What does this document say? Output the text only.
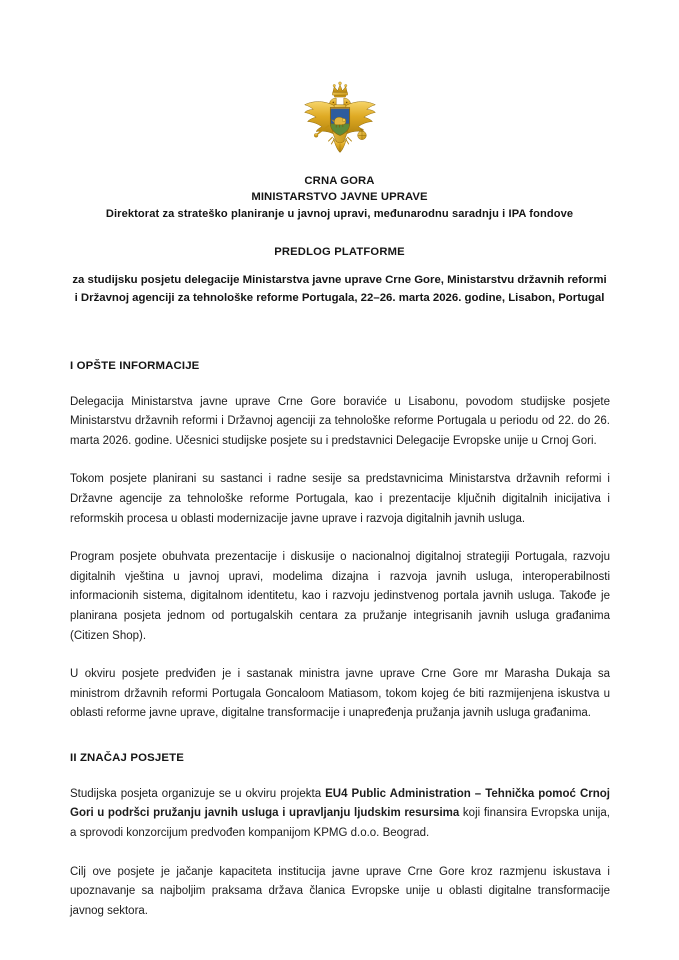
CRNA GORA
MINISTARSTVO JAVNE UPRAVE
Direktorat za strateško planiranje u javnoj upravi, međunarodnu saradnju i IPA fondove
PREDLOG PLATFORME
za studijsku posjetu delegacije Ministarstva javne uprave Crne Gore, Ministarstvu državnih reformi i Državnoj agenciji za tehnološke reforme Portugala, 22–26. marta 2026. godine, Lisabon, Portugal
I OPŠTE INFORMACIJE

Delegacija Ministarstva javne uprave Crne Gore boraviće u Lisabonu, povodom studijske posjete Ministarstvu državnih reformi i Državnoj agenciji za tehnološke reforme Portugala u periodu od 22. do 26. marta 2026. godine. Učesnici studijske posjete su i predstavnici Delegacije Evropske unije u Crnoj Gori.

Tokom posjete planirani su sastanci i radne sesije sa predstavnicima Ministarstva državnih reformi i Državne agencije za tehnološke reforme Portugala, kao i prezentacije ključnih digitalnih inicijativa i reformskih procesa u oblasti modernizacije javne uprave i razvoja digitalnih javnih usluga.

Program posjete obuhvata prezentacije i diskusije o nacionalnoj digitalnoj strategiji Portugala, razvoju digitalnih vještina u javnoj upravi, modelima dizajna i razvoja javnih usluga, interoperabilnosti informacionih sistema, digitalnom identitetu, kao i razvoju jedinstvenog portala javnih usluga. Takođe je planirana posjeta jednom od portugalskih centara za pružanje integrisanih javnih usluga građanima (Citizen Shop).

U okviru posjete predviđen je i sastanak ministra javne uprave Crne Gore mr Marasha Dukaja sa ministrom državnih reformi Portugala Goncaloom Matiasom, tokom kojeg će biti razmijenjena iskustva u oblasti reforme javne uprave, digitalne transformacije i unapređenja pružanja javnih usluga građanima.

II ZNAČAJ POSJETE

Studijska posjeta organizuje se u okviru projekta EU4 Public Administration – Tehnička pomoć Crnoj Gori u podršci pružanju javnih usluga i upravljanju ljudskim resursima koji finansira Evropska unija, a sprovodi konzorcijum predvođen kompanijom KPMG d.o.o. Beograd.

Cilj ove posjete je jačanje kapaciteta institucija javne uprave Crne Gore kroz razmjenu iskustava i upoznavanje sa najboljim praksama država članica Evropske unije u oblasti digitalne transformacije javnog sektora.
